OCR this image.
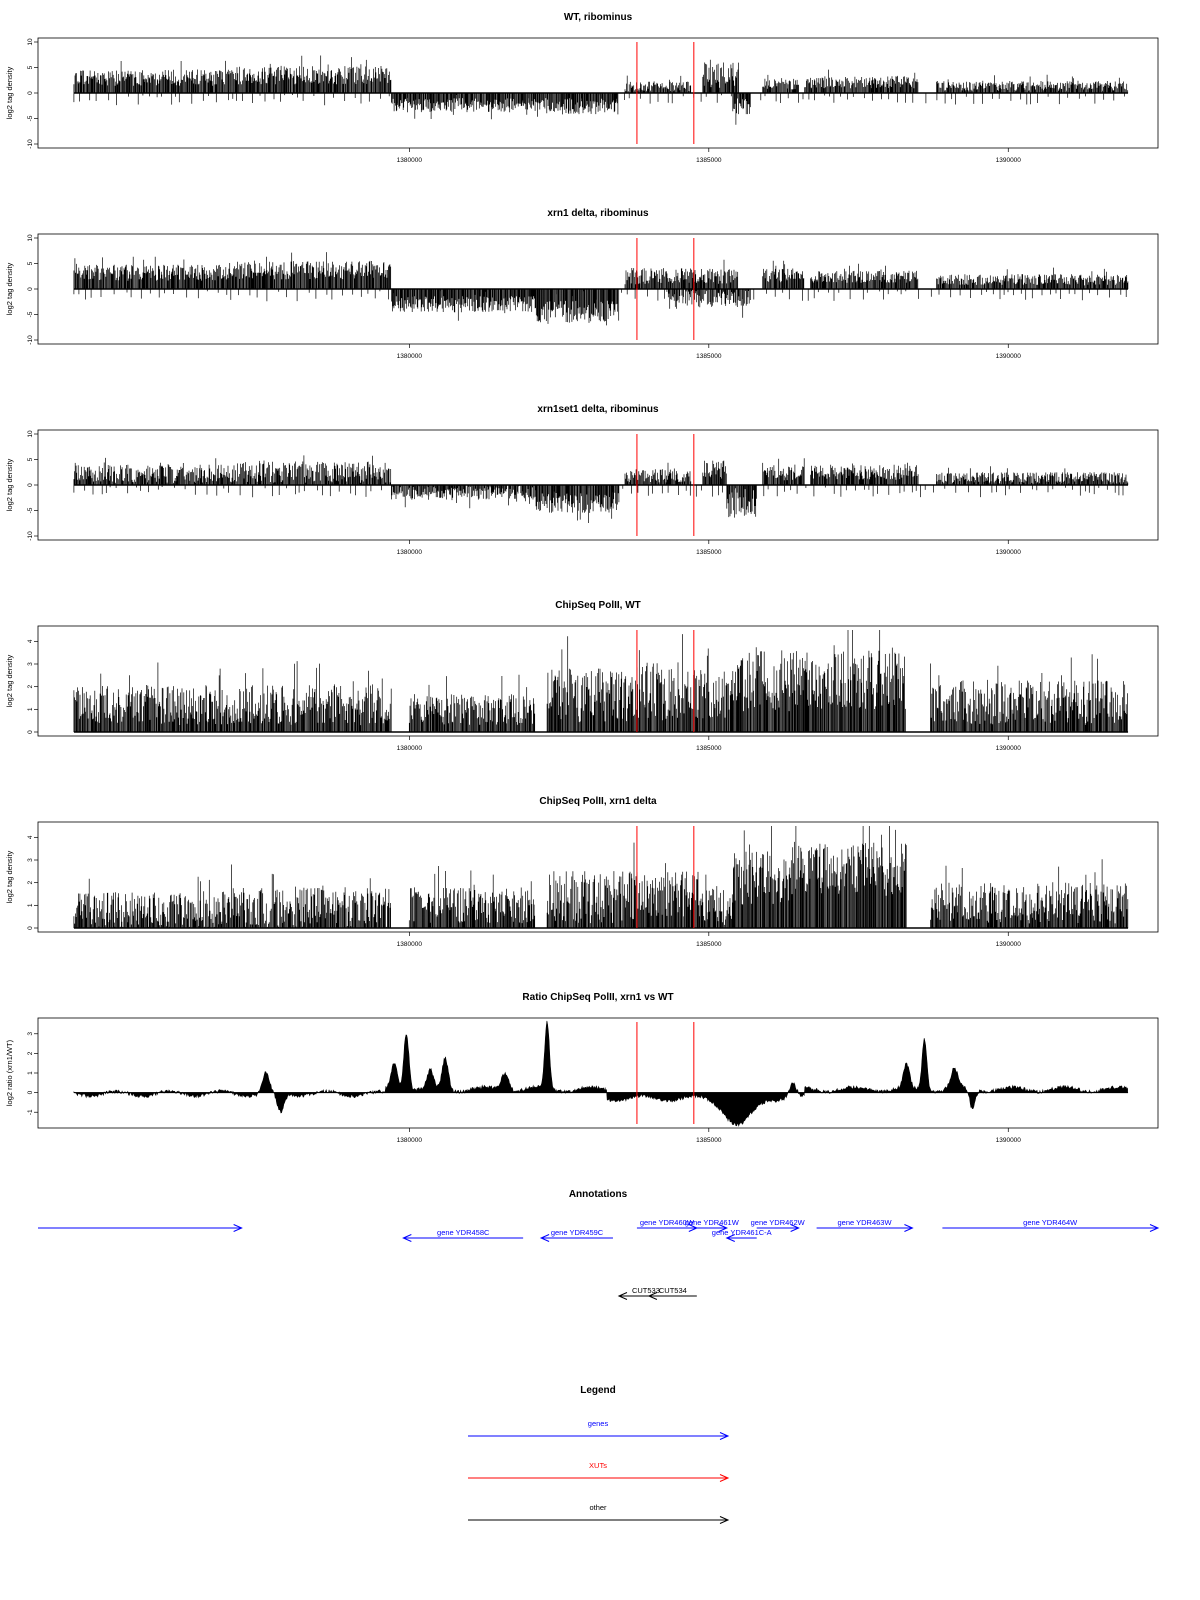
WT, ribominus
log2 tag density
-10
-5
0
5
10
1380000	1385000	1390000
xrn1 delta, ribominus
log2 tag density
-10
-5
0
5
10
1380000	1385000	1390000
xrn1set1 delta, ribominus
log2 tag density
-10
-5
0
5
10
1380000	1385000	1390000
ChipSeq PolII, WT
log2 tag density
0
1
2
3
4
1380000	1385000	1390000
ChipSeq PolII, xrn1 delta
log2 tag density
0
1
2
3
4
1380000	1385000	1390000
Ratio ChipSeq PolII, xrn1 vs WT
log2 ratio (xrn1/WT)
-1
0
1
2
3
1380000	1385000	1390000
Annotations
gene YDR458C	gene YDR459C
gene YDR460W
gene YDR461W
gene YDR461C-A
gene YDR462W	gene YDR463W	gene YDR464W
CUT533 CUT534
Legend
genes
XUTs
other
